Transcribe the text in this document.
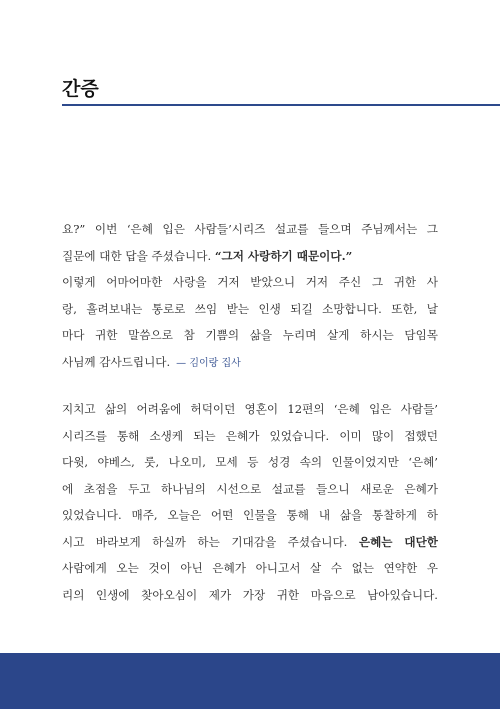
간증
요?” 이번 ‘은혜 입은 사람들’시리즈 설교를 들으며 주님께서는 그
질문에 대한 답을 주셨습니다. “그저 사랑하기 때문이다.”
이렇게 어마어마한 사랑을 거저 받았으니 거저 주신 그 귀한 사
랑, 흘려보내는 통로로 쓰임 받는 인생 되길 소망합니다. 또한, 날
마다 귀한 말씀으로 참 기쁨의 삶을 누리며 살게 하시는 담임목
사님께 감사드립니다. — 김이랑 집사
지치고 삶의 어려움에 허덕이던 영혼이 12편의 ‘은혜 입은 사람들’
시리즈를 통해 소생케 되는 은혜가 있었습니다. 이미 많이 접했던
다윗, 야베스, 룻, 나오미, 모세 등 성경 속의 인물이었지만 ‘은혜’
에 초점을 두고 하나님의 시선으로 설교를 들으니 새로운 은혜가
있었습니다. 매주, 오늘은 어떤 인물을 통해 내 삶을 통찰하게 하
시고 바라보게 하실까 하는 기대감을 주셨습니다. 은혜는 대단한
사람에게 오는 것이 아닌 은혜가 아니고서 살 수 없는 연약한 우
리의 인생에 찾아오심이 제가 가장 귀한 마음으로 남아있습니다.
